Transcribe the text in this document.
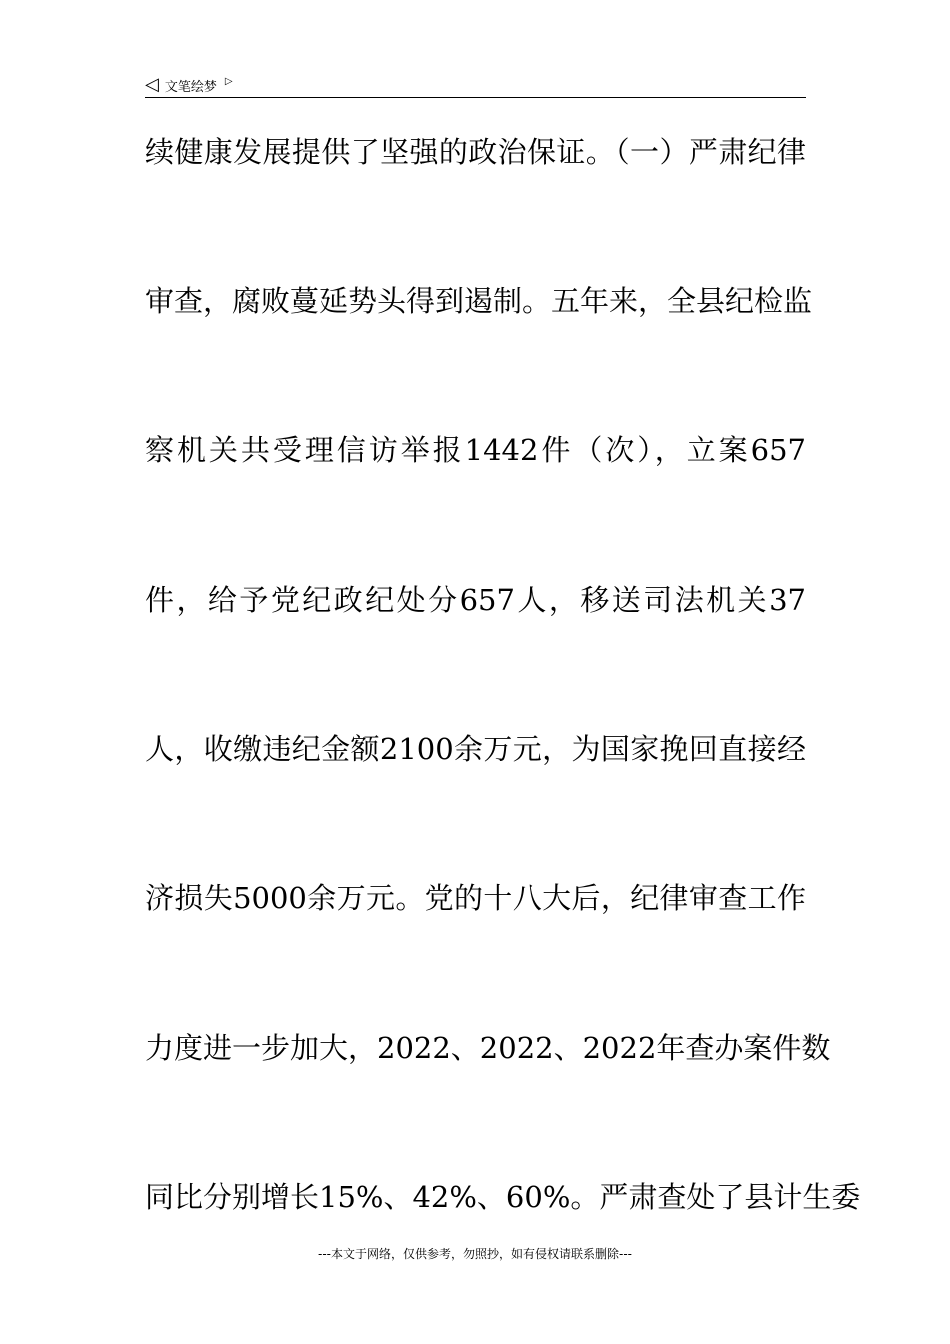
◁ 文笔绘梦 ▷
续健康发展提供了坚强的政治保证。（一）严肃纪律
审查，腐败蔓延势头得到遏制。五年来，全县纪检监
察机关共受理信访举报1442件（次），立案657
件，给予党纪政纪处分657人，移送司法机关37
人，收缴违纪金额2100余万元，为国家挽回直接经
济损失5000余万元。党的十八大后，纪律审查工作
力度进一步加大，2022、2022、2022年查办案件数
同比分别增长15%、42%、60%。严肃查处了县计生委
---本文于网络，仅供参考，勿照抄，如有侵权请联系删除---
